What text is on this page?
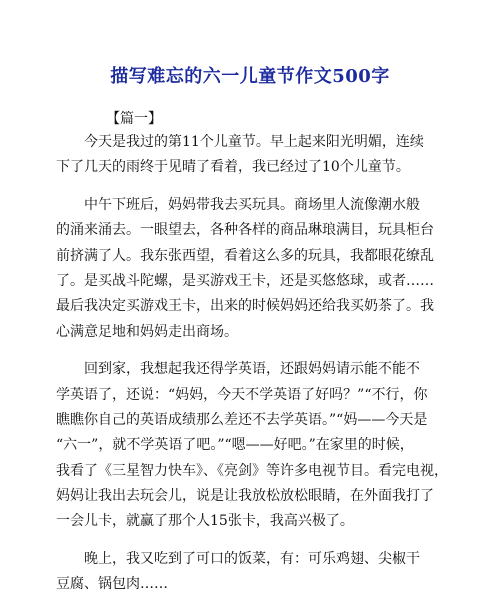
描写难忘的六一儿童节作文500字
【篇一】
今天是我过的第11个儿童节。早上起来阳光明媚，连续
下了几天的雨终于见晴了看着，我已经过了10个儿童节。
中午下班后，妈妈带我去买玩具。商场里人流像潮水般
的涌来涌去。一眼望去，各种各样的商品琳琅满目，玩具柜台
前挤满了人。我东张西望，看着这么多的玩具，我都眼花缭乱
了。是买战斗陀螺，是买游戏王卡，还是买悠悠球，或者……
最后我决定买游戏王卡，出来的时候妈妈还给我买奶茶了。我
心满意足地和妈妈走出商场。
回到家，我想起我还得学英语，还跟妈妈请示能不能不
学英语了，还说：“妈妈，今天不学英语了好吗？”“不行，你
瞧瞧你自己的英语成绩那么差还不去学英语。”“妈——今天是
“六一”，就不学英语了吧。”“嗯——好吧。”在家里的时候，
我看了《三星智力快车》、《亮剑》等许多电视节目。看完电视，
妈妈让我出去玩会儿，说是让我放松放松眼睛，在外面我打了
一会儿卡，就赢了那个人15张卡，我高兴极了。
晚上，我又吃到了可口的饭菜，有：可乐鸡翅、尖椒干
豆腐、锅包肉……
